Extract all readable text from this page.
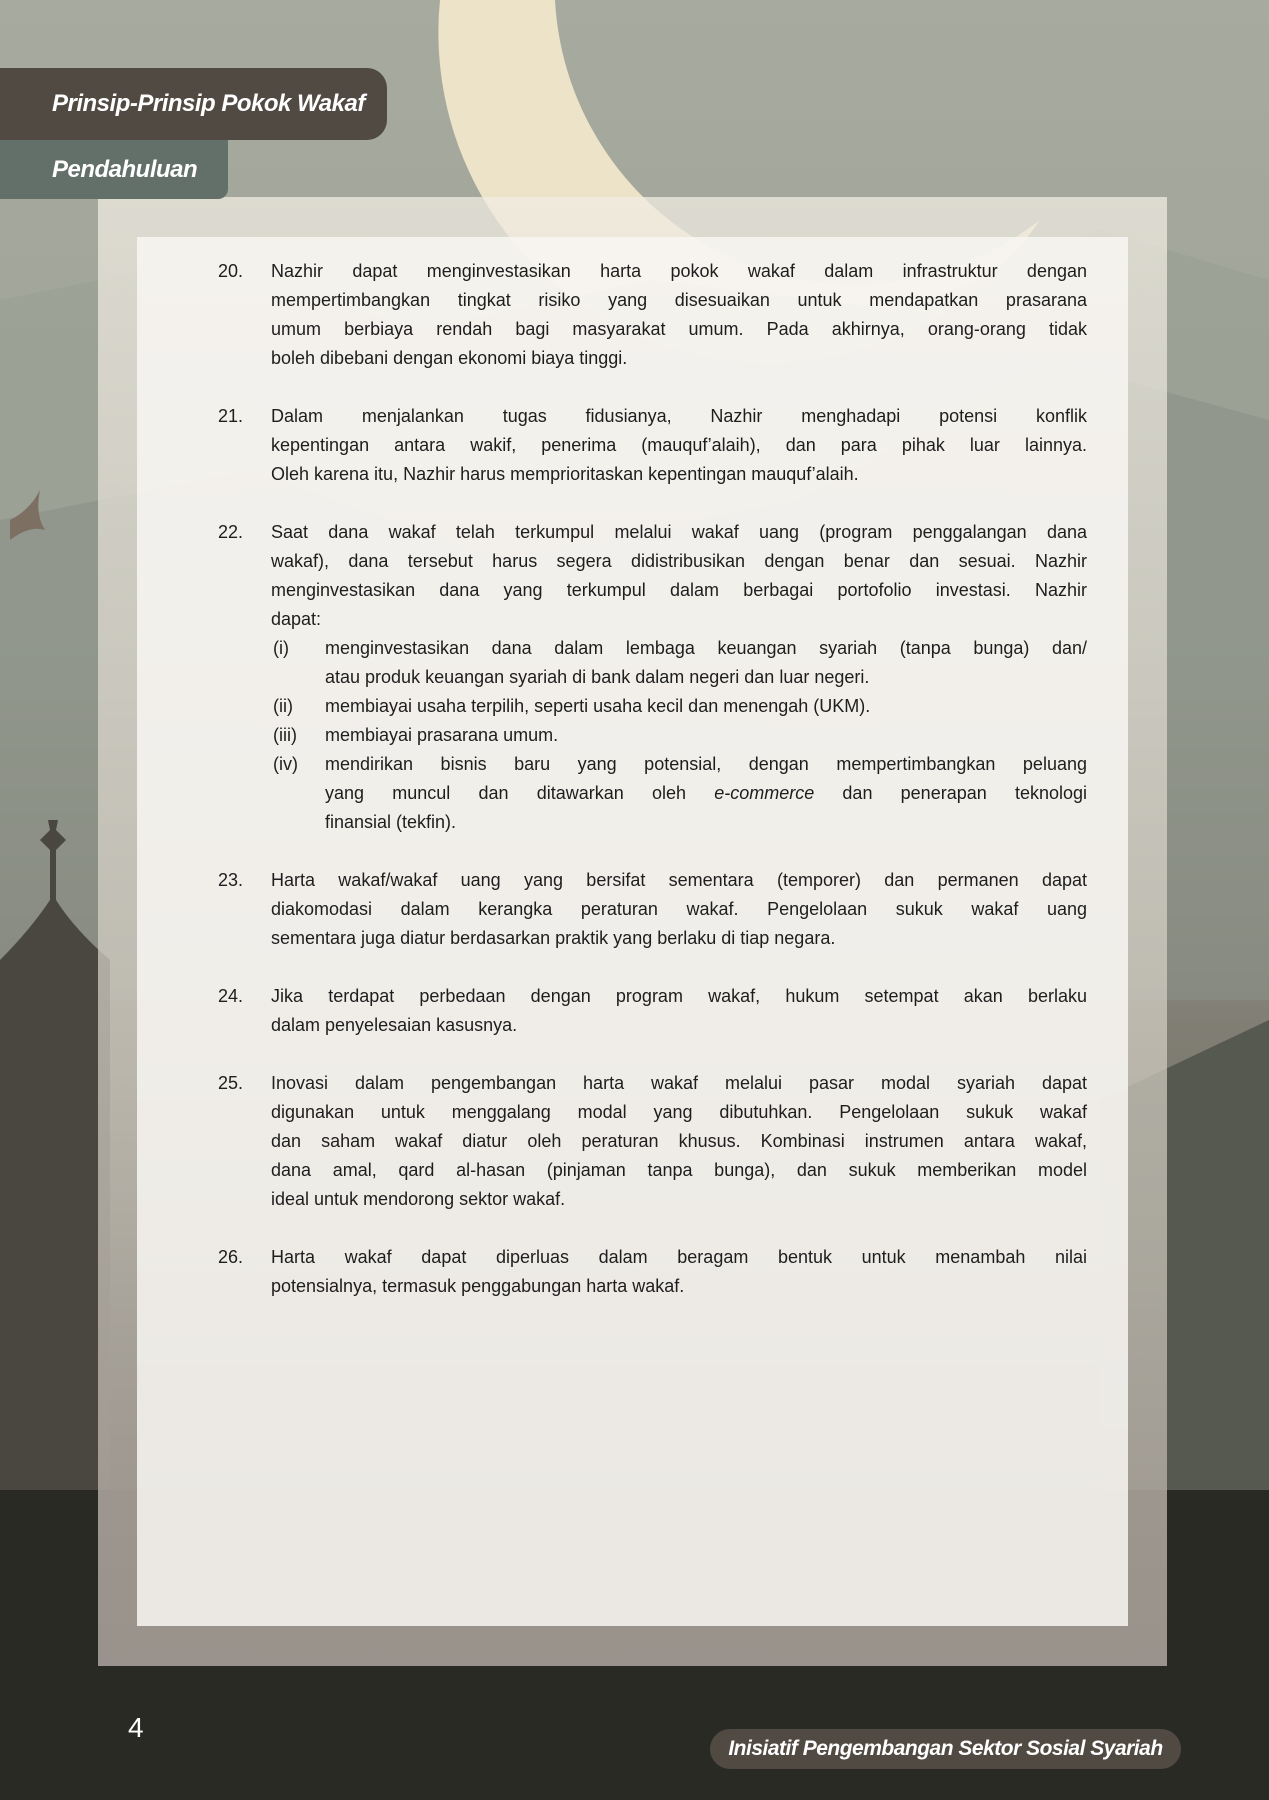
Prinsip-Prinsip Pokok Wakaf
Pendahuluan
20. Nazhir dapat menginvestasikan harta pokok wakaf dalam infrastruktur dengan
mempertimbangkan tingkat risiko yang disesuaikan untuk mendapatkan prasarana
umum berbiaya rendah bagi masyarakat umum. Pada akhirnya, orang-orang tidak
boleh dibebani dengan ekonomi biaya tinggi.
21. Dalam menjalankan tugas fidusianya, Nazhir menghadapi potensi konflik
kepentingan antara wakif, penerima (mauquf’alaih), dan para pihak luar lainnya.
Oleh karena itu, Nazhir harus memprioritaskan kepentingan mauquf’alaih.
22. Saat dana wakaf telah terkumpul melalui wakaf uang (program penggalangan dana
wakaf), dana tersebut harus segera didistribusikan dengan benar dan sesuai. Nazhir
menginvestasikan dana yang terkumpul dalam berbagai portofolio investasi. Nazhir
dapat:
(i) menginvestasikan dana dalam lembaga keuangan syariah (tanpa bunga) dan/
atau produk keuangan syariah di bank dalam negeri dan luar negeri.
(ii) membiayai usaha terpilih, seperti usaha kecil dan menengah (UKM).
(iii) membiayai prasarana umum.
(iv) mendirikan bisnis baru yang potensial, dengan mempertimbangkan peluang
yang muncul dan ditawarkan oleh e-commerce dan penerapan teknologi
finansial (tekfin).
23. Harta wakaf/wakaf uang yang bersifat sementara (temporer) dan permanen dapat
diakomodasi dalam kerangka peraturan wakaf. Pengelolaan sukuk wakaf uang
sementara juga diatur berdasarkan praktik yang berlaku di tiap negara.
24. Jika terdapat perbedaan dengan program wakaf, hukum setempat akan berlaku
dalam penyelesaian kasusnya.
25. Inovasi dalam pengembangan harta wakaf melalui pasar modal syariah dapat
digunakan untuk menggalang modal yang dibutuhkan. Pengelolaan sukuk wakaf
dan saham wakaf diatur oleh peraturan khusus. Kombinasi instrumen antara wakaf,
dana amal, qard al-hasan (pinjaman tanpa bunga), dan sukuk memberikan model
ideal untuk mendorong sektor wakaf.
26. Harta wakaf dapat diperluas dalam beragam bentuk untuk menambah nilai
potensialnya, termasuk penggabungan harta wakaf.
4
Inisiatif Pengembangan Sektor Sosial Syariah
